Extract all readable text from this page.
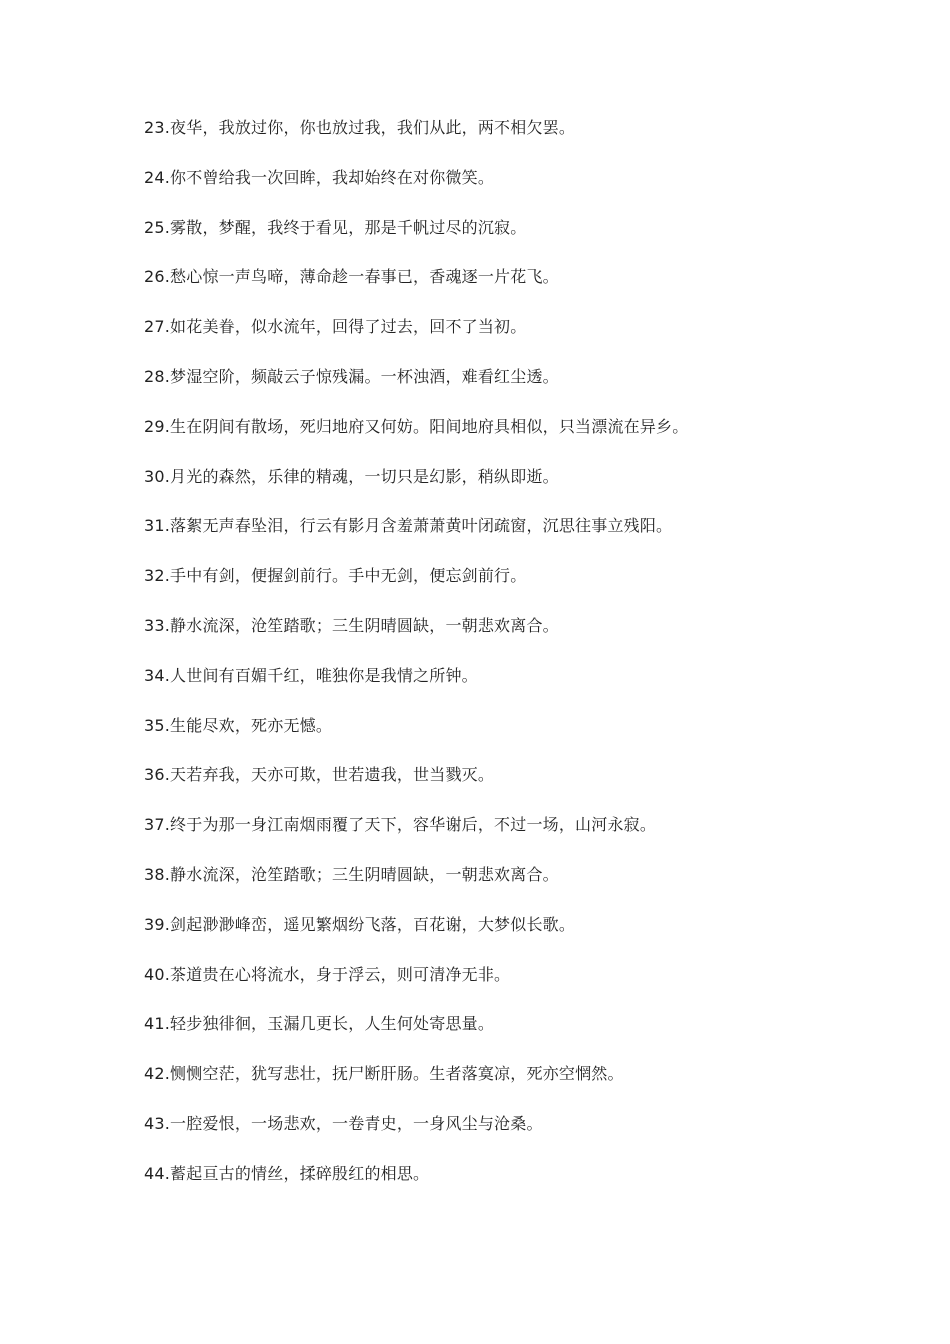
23.夜华，我放过你，你也放过我，我们从此，两不相欠罢。
24.你不曾给我一次回眸，我却始终在对你微笑。
25.雾散，梦醒，我终于看见，那是千帆过尽的沉寂。
26.愁心惊一声鸟啼，薄命趁一春事已，香魂逐一片花飞。
27.如花美眷，似水流年，回得了过去，回不了当初。
28.梦湿空阶，频敲云子惊残漏。一杯浊酒，难看红尘透。
29.生在阴间有散场，死归地府又何妨。阳间地府具相似，只当漂流在异乡。
30.月光的森然，乐律的精魂，一切只是幻影，稍纵即逝。
31.落絮无声春坠泪，行云有影月含羞萧萧黄叶闭疏窗，沉思往事立残阳。
32.手中有剑，便握剑前行。手中无剑，便忘剑前行。
33.静水流深，沧笙踏歌；三生阴晴圆缺，一朝悲欢离合。
34.人世间有百媚千红，唯独你是我情之所钟。
35.生能尽欢，死亦无憾。
36.天若弃我，天亦可欺，世若遗我，世当戮灭。
37.终于为那一身江南烟雨覆了天下，容华谢后，不过一场，山河永寂。
38.静水流深，沧笙踏歌；三生阴晴圆缺，一朝悲欢离合。
39.剑起渺渺峰峦，遥见繁烟纷飞落，百花谢，大梦似长歌。
40.茶道贵在心将流水，身于浮云，则可清净无非。
41.轻步独徘徊，玉漏几更长，人生何处寄思量。
42.恻恻空茫，犹写悲壮，抚尸断肝肠。生者落寞凉，死亦空惘然。
43.一腔爱恨，一场悲欢，一卷青史，一身风尘与沧桑。
44.蓄起亘古的情丝，揉碎殷红的相思。
